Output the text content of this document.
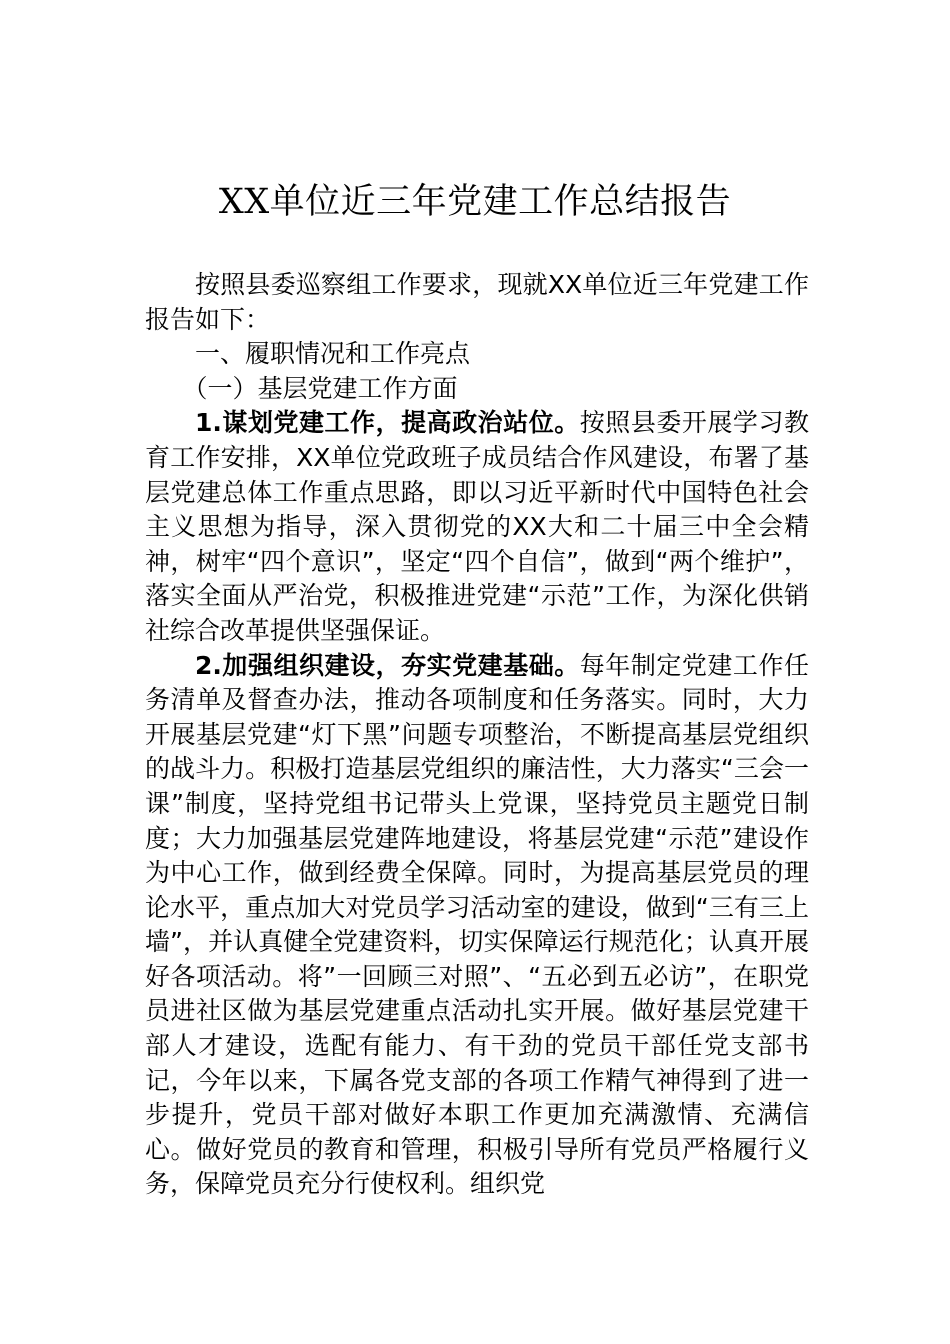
XX单位近三年党建工作总结报告

按照县委巡察组工作要求，现就XX单位近三年党建工作报告如下：

一、履职情况和工作亮点

（一）基层党建工作方面

1.谋划党建工作，提高政治站位。按照县委开展学习教育工作安排，XX单位党政班子成员结合作风建设，布署了基层党建总体工作重点思路，即以习近平新时代中国特色社会主义思想为指导，深入贯彻党的XX大和二十届三中全会精神，树牢“四个意识”，坚定“四个自信”，做到“两个维护”，落实全面从严治党，积极推进党建“示范”工作，为深化供销社综合改革提供坚强保证。

2.加强组织建设，夯实党建基础。每年制定党建工作任务清单及督查办法，推动各项制度和任务落实。同时，大力开展基层党建“灯下黑”问题专项整治，不断提高基层党组织的战斗力。积极打造基层党组织的廉洁性，大力落实“三会一课”制度，坚持党组书记带头上党课，坚持党员主题党日制度；大力加强基层党建阵地建设，将基层党建“示范”建设作为中心工作，做到经费全保障。同时，为提高基层党员的理论水平，重点加大对党员学习活动室的建设，做到“三有三上墙”，并认真健全党建资料，切实保障运行规范化；认真开展好各项活动。将”一回顾三对照”、“五必到五必访”，在职党员进社区做为基层党建重点活动扎实开展。做好基层党建干部人才建设，选配有能力、有干劲的党员干部任党支部书记，今年以来，下属各党支部的各项工作精气神得到了进一步提升，党员干部对做好本职工作更加充满激情、充满信心。做好党员的教育和管理，积极引导所有党员严格履行义务，保障党员充分行使权利。组织党
